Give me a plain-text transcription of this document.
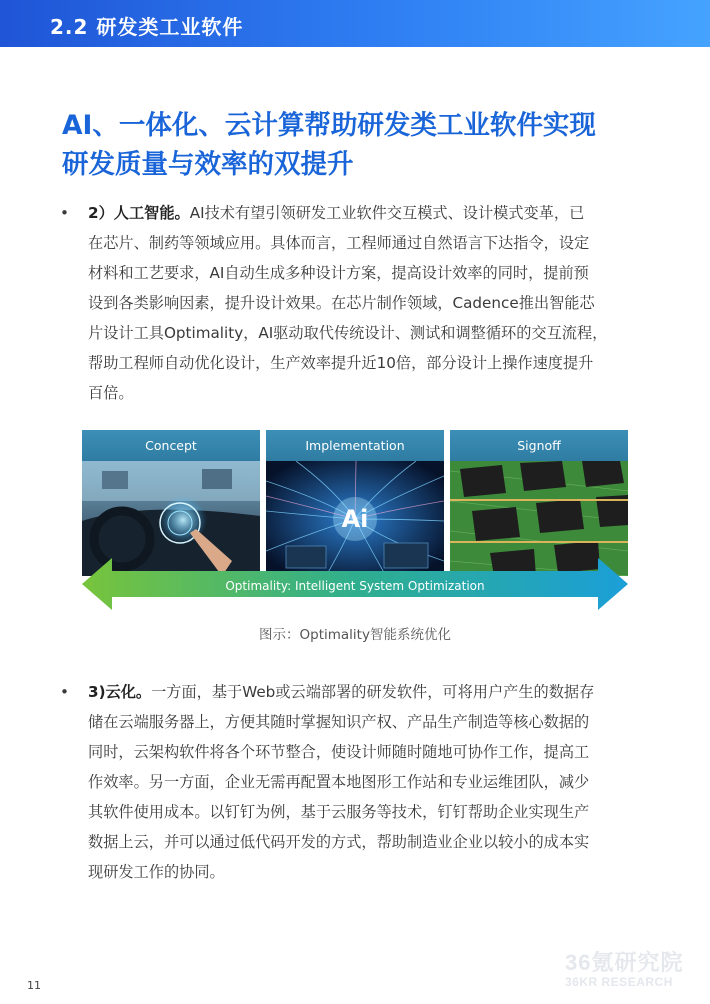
2.2 研发类工业软件
AI、一体化、云计算帮助研发类工业软件实现
研发质量与效率的双提升
• 2）人工智能。AI技术有望引领研发工业软件交互模式、设计模式变革，已
在芯片、制药等领域应用。具体而言，工程师通过自然语言下达指令，设定
材料和工艺要求，AI自动生成多种设计方案，提高设计效率的同时，提前预
设到各类影响因素，提升设计效果。在芯片制作领域，Cadence推出智能芯
片设计工具Optimality，AI驱动取代传统设计、测试和调整循环的交互流程，
帮助工程师自动优化设计，生产效率提升近10倍，部分设计上操作速度提升
百倍。
Concept	Implementation
Ai
Signoff
Optimality: Intelligent System Optimization
图示：Optimality智能系统优化
• 3)云化。一方面，基于Web或云端部署的研发软件，可将用户产生的数据存
储在云端服务器上，方便其随时掌握知识产权、产品生产制造等核心数据的
同时，云架构软件将各个环节整合，使设计师随时随地可协作工作，提高工
作效率。另一方面，企业无需再配置本地图形工作站和专业运维团队，减少
其软件使用成本。以钉钉为例，基于云服务等技术，钉钉帮助企业实现生产
数据上云，并可以通过低代码开发的方式，帮助制造业企业以较小的成本实
现研发工作的协同。
36氪研究院
36KR RESEARCH
11
